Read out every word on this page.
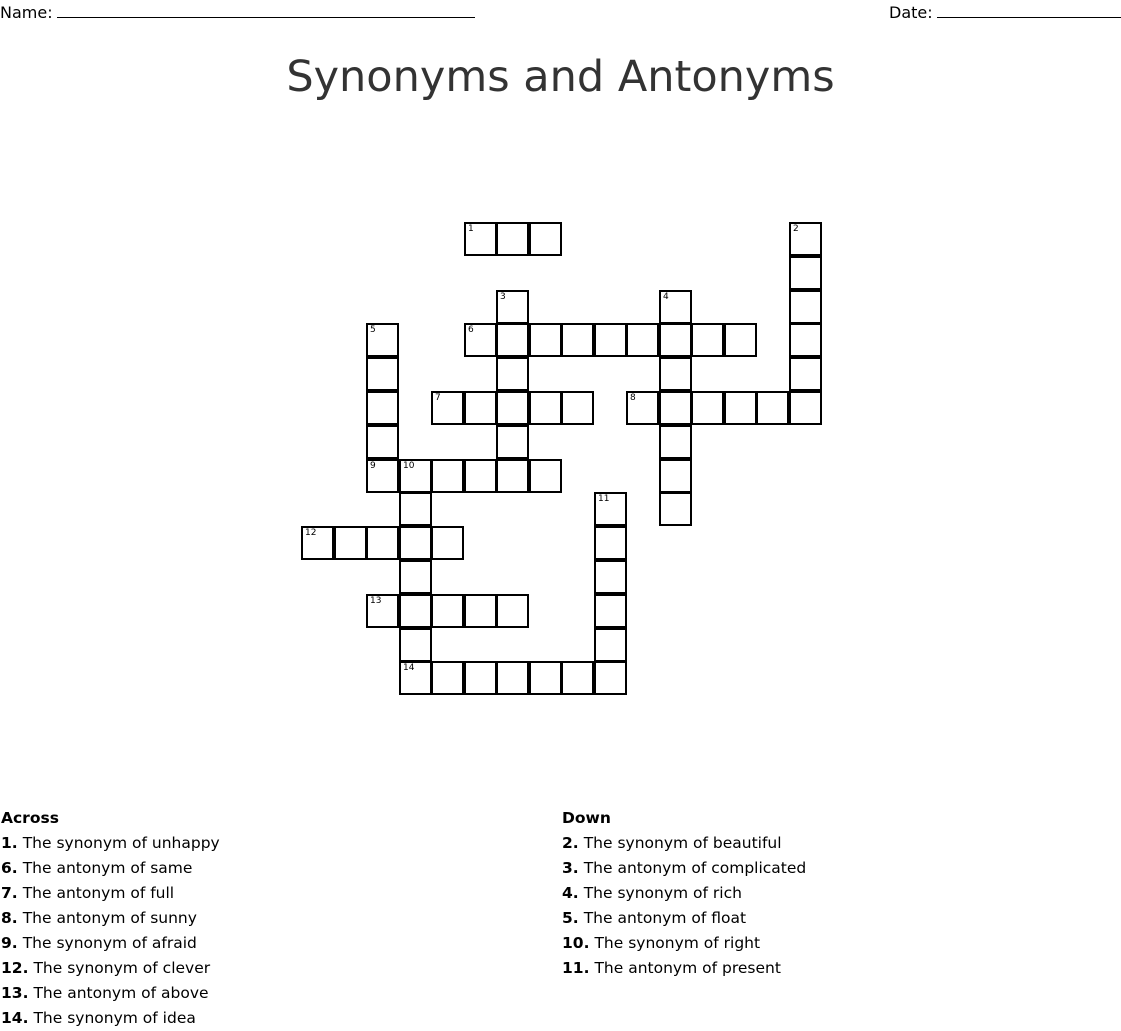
Name:	Date:
Synonyms and Antonyms
1	2
3	4
5	6
7	8
9	10
11
12
13
14
Across
1. The synonym of unhappy
6. The antonym of same
7. The antonym of full
8. The antonym of sunny
9. The synonym of afraid
12. The synonym of clever
13. The antonym of above
14. The synonym of idea
Down
2. The synonym of beautiful
3. The antonym of complicated
4. The synonym of rich
5. The antonym of float
10. The synonym of right
11. The antonym of present
